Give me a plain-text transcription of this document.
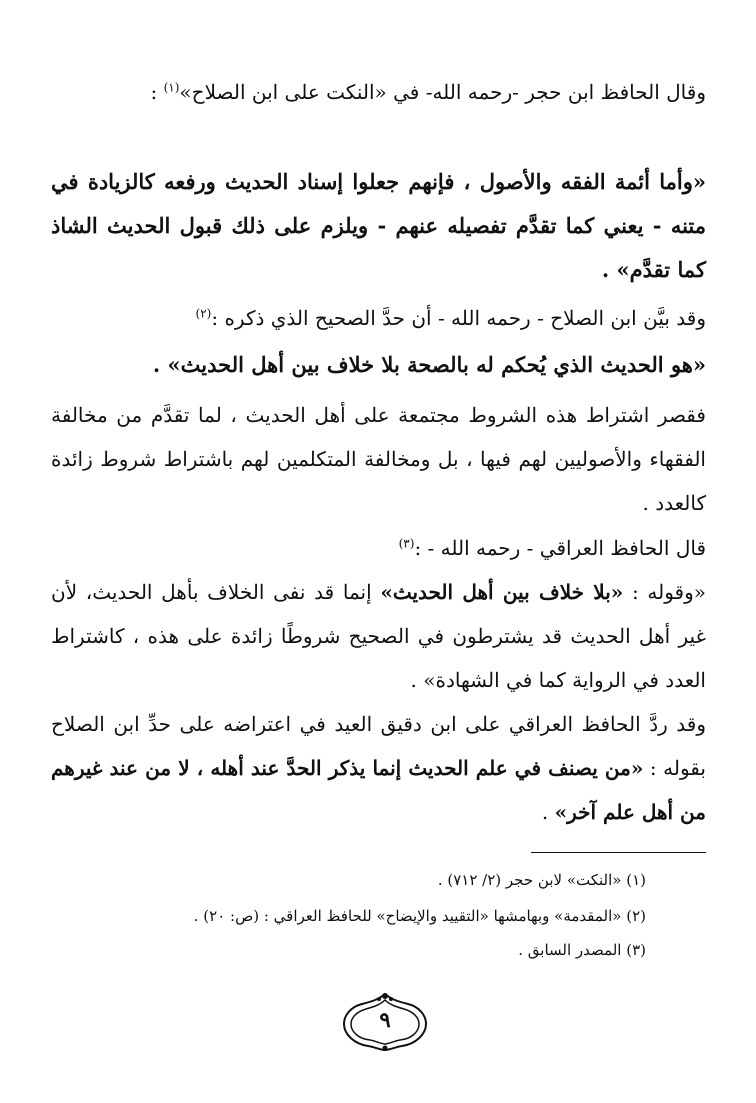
وقال الحافظ ابن حجر -رحمه الله- في «النكت على ابن الصلاح»$^{(١)}$ :

«وأما أئمة الفقه والأصول ، فإنهم جعلوا إسناد الحديث ورفعه كالزيادة في متنه - يعني كما تقدَّم تفصيله عنهم - ويلزم على ذلك قبول الحديث الشاذ كما تقدَّم» .

وقد بيَّن ابن الصلاح - رحمه الله - أن حدَّ الصحيح الذي ذكره :$^{(٢)}$

«هو الحديث الذي يُحكم له بالصحة بلا خلاف بين أهل الحديث» .

فقصر اشتراط هذه الشروط مجتمعة على أهل الحديث ، لما تقدَّم من مخالفة الفقهاء والأصوليين لهم فيها ، بل ومخالفة المتكلمين لهم باشتراط شروط زائدة كالعدد .

قال الحافظ العراقي - رحمه الله - :$^{(٣)}$

«وقوله : «بلا خلاف بين أهل الحديث» إنما قد نفى الخلاف بأهل الحديث، لأن غير أهل الحديث قد يشترطون في الصحيح شروطًا زائدة على هذه ، كاشتراط العدد في الرواية كما في الشهادة» .

وقد ردَّ الحافظ العراقي على ابن دقيق العيد في اعتراضه على حدِّ ابن الصلاح بقوله : «من يصنف في علم الحديث إنما يذكر الحدَّ عند أهله ، لا من عند غيرهم من أهل علم آخر» .

(١) «النكت» لابن حجر (٢/ ٧١٢) .

(٢) «المقدمة» وبهامشها «التقييد والإيضاح» للحافظ العراقي : (ص: ٢٠) .

(٣) المصدر السابق .

٩
